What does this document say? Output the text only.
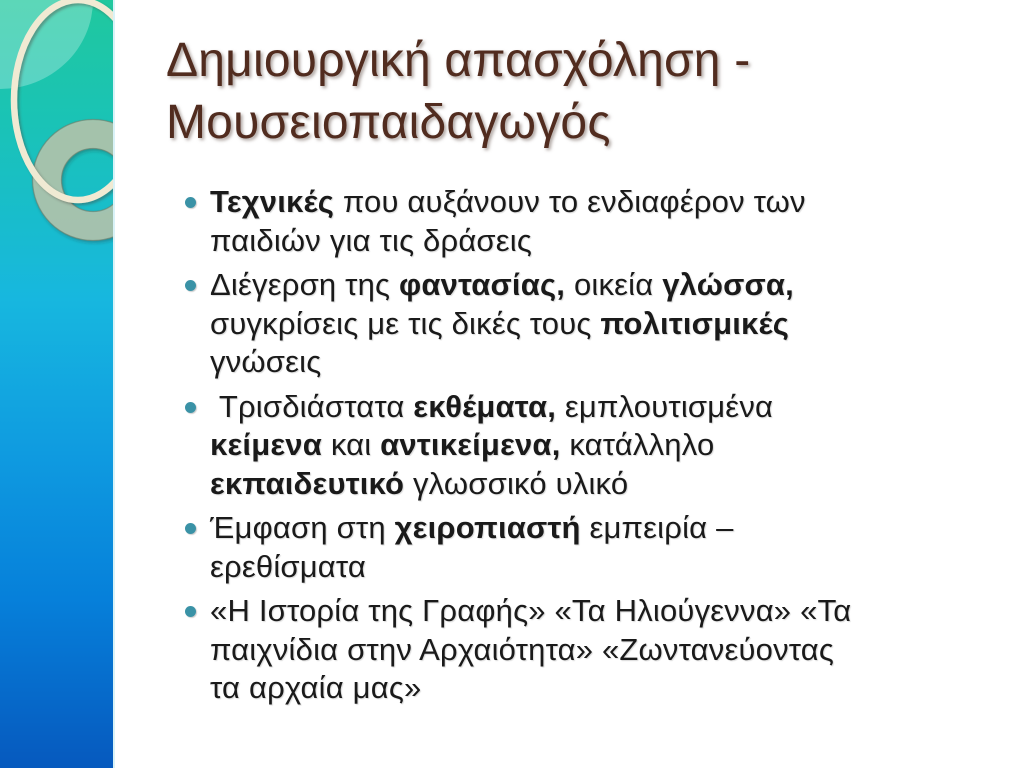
Δημιουργική απασχόληση -
Μουσειοπαιδαγωγός
Τεχνικές που αυξάνουν το ενδιαφέρον των
παιδιών για τις δράσεις
Διέγερση της φαντασίας, οικεία γλώσσα,
συγκρίσεις με τις δικές τους πολιτισμικές
γνώσεις
Τρισδιάστατα εκθέματα, εμπλουτισμένα
κείμενα και αντικείμενα, κατάλληλο
εκπαιδευτικό γλωσσικό υλικό
Έμφαση στη χειροπιαστή εμπειρία –
ερεθίσματα
«Η Ιστορία της Γραφής» «Τα Ηλιούγεννα» «Τα
παιχνίδια στην Αρχαιότητα» «Ζωντανεύοντας
τα αρχαία μας»
